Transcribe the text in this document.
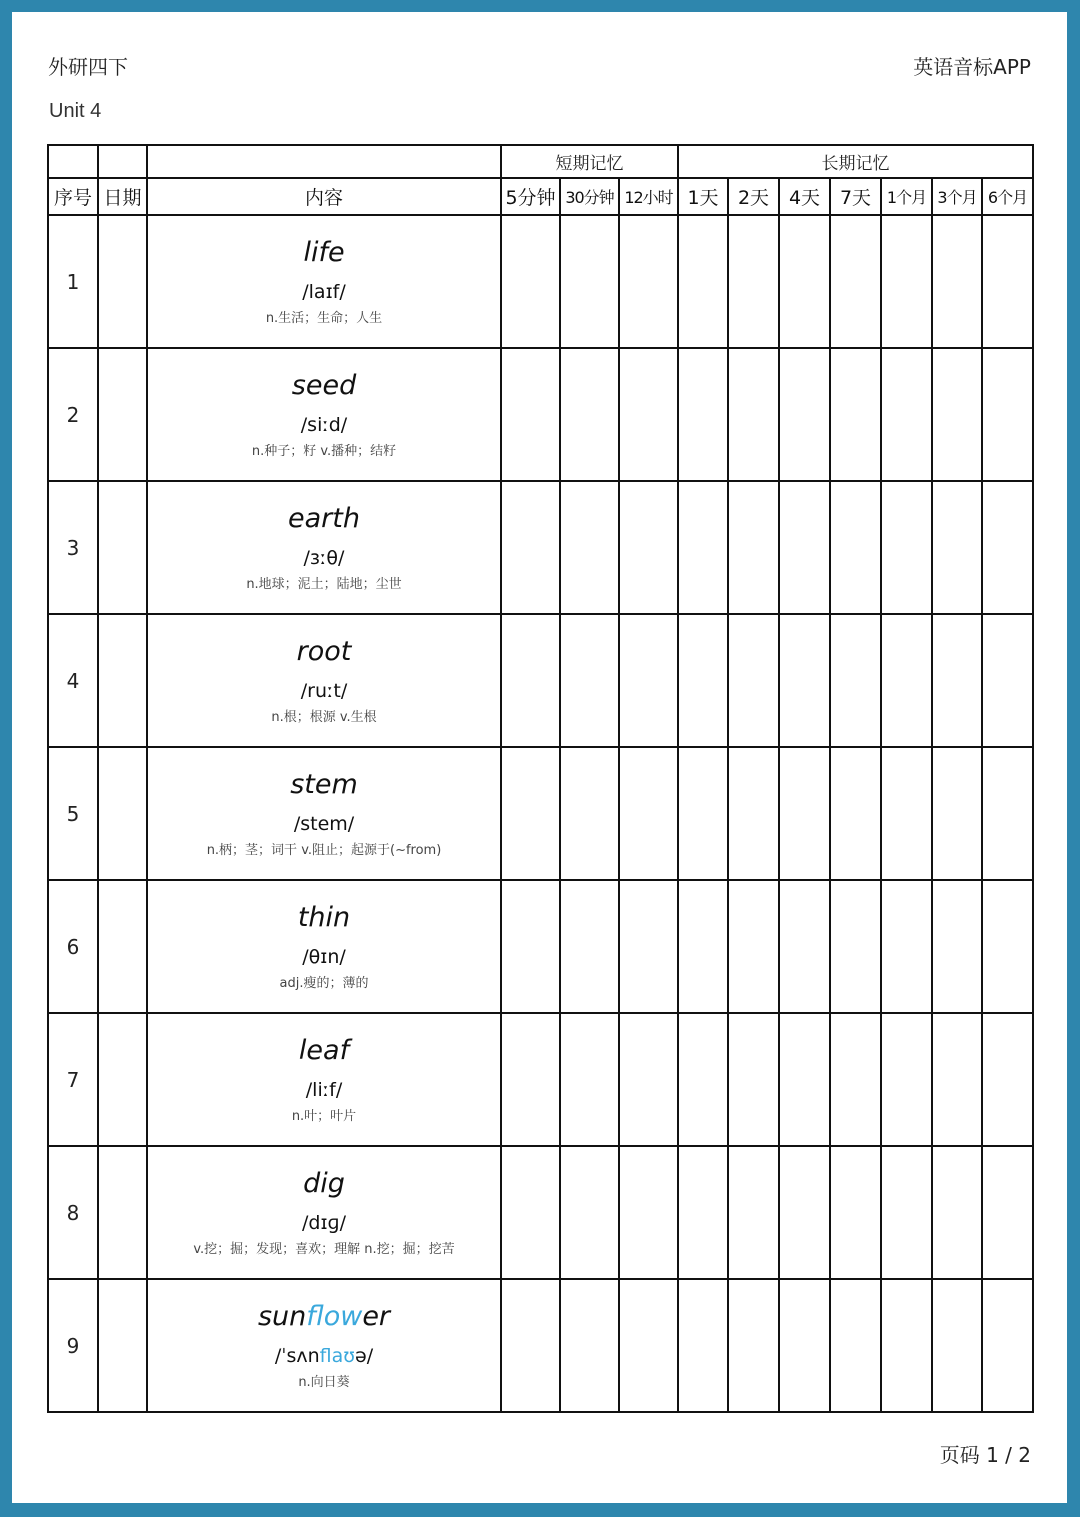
外研四下	英语音标APP
Unit 4
			短期记忆			长期记忆						
序号	日期	内容	5分钟	30分钟	12小时	1天	2天	4天	7天	1个月	3个月	6个月
1		life
/laɪf/
n.生活；生命；人生										

2		seed
/siːd/
n.种子；籽 v.播种；结籽										

3		earth
/ɜːθ/
n.地球；泥土；陆地；尘世										

4		root
/ruːt/
n.根；根源 v.生根										

5		stem
/stem/
n.柄；茎；词干 v.阻止；起源于(~from)										

6		thin
/θɪn/
adj.瘦的；薄的										

7		leaf
/liːf/
n.叶；叶片										

8		dig
/dɪɡ/
v.挖；掘；发现；喜欢；理解 n.挖；掘；挖苦										

9		sunflower
/ˈsʌnflaʊə/
n.向日葵										

页码 1 / 2
